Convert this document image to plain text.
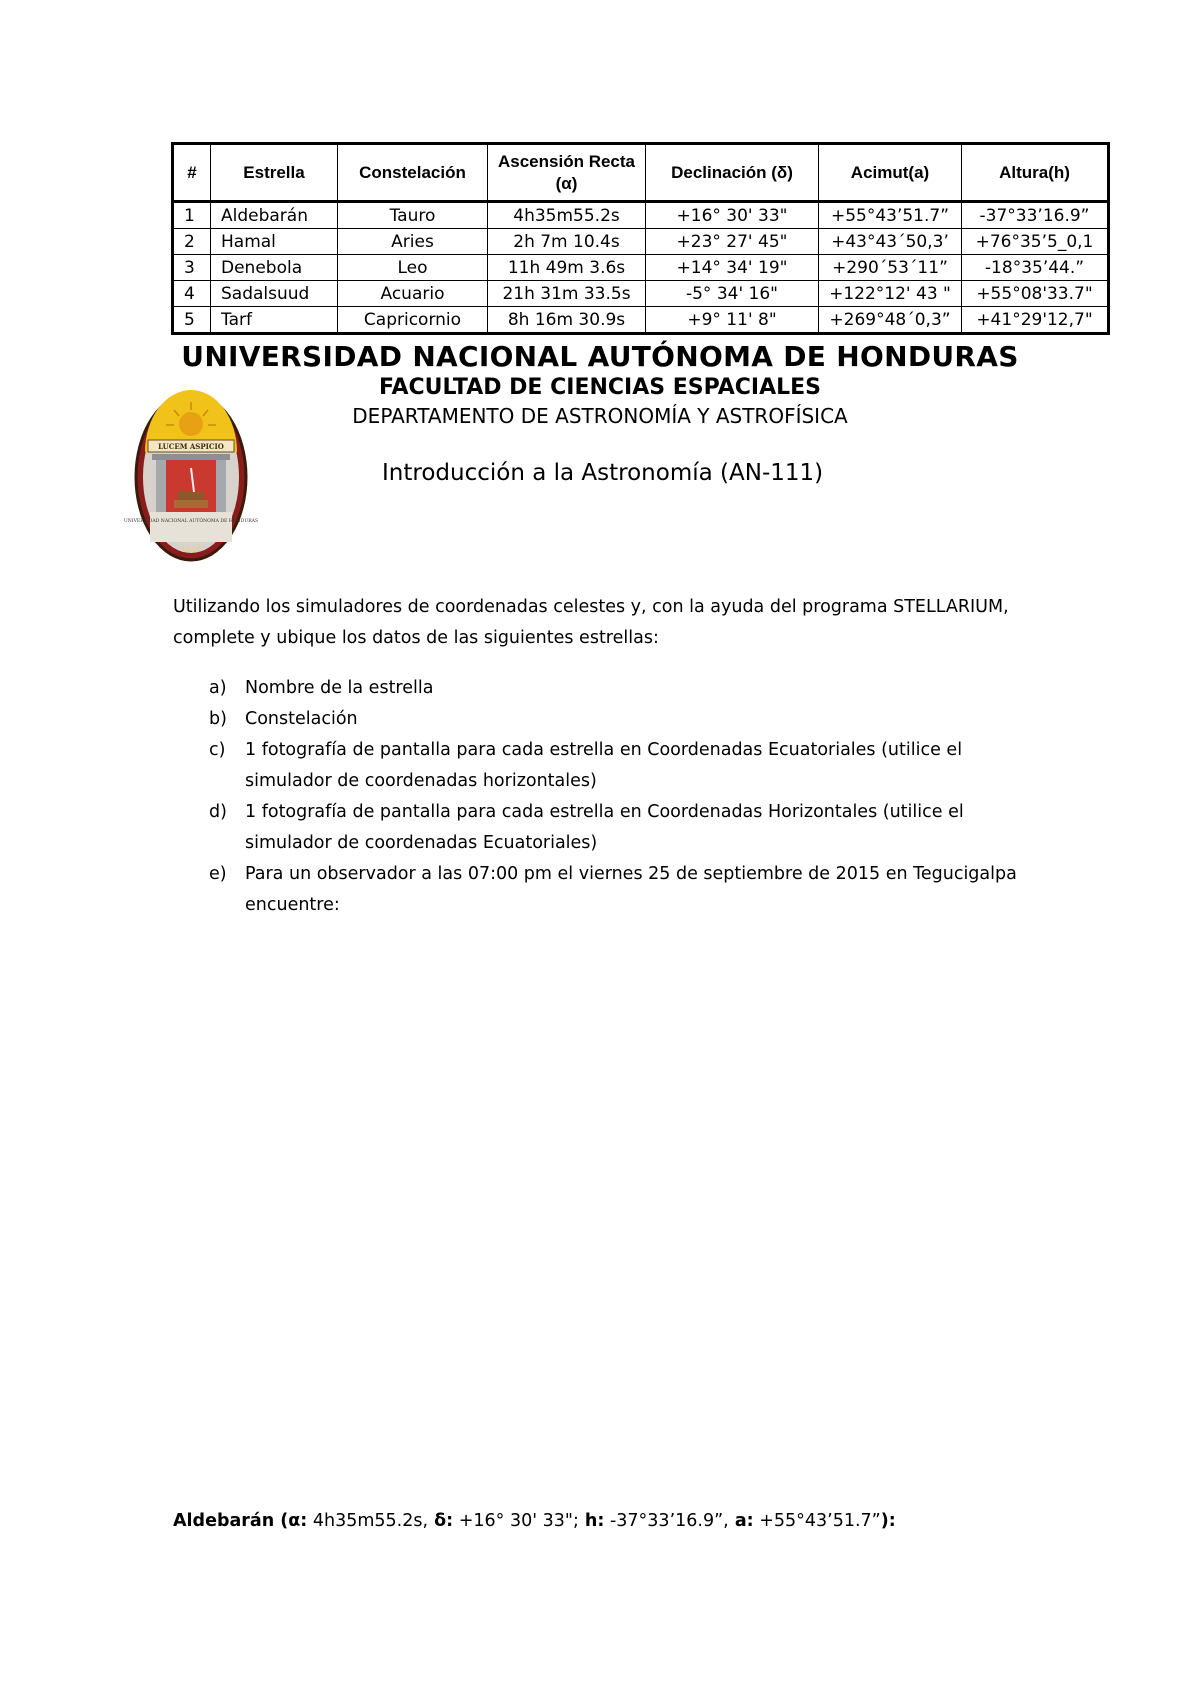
#	Estrella	Constelación	Ascensión Recta (α)	Declinación (δ)	Acimut(a)	Altura(h)
1	Aldebarán	Tauro	4h35m55.2s	+16° 30' 33"	+55°43’51.7”	-37°33’16.9”
2	Hamal	Aries	2h 7m 10.4s	+23° 27' 45"	+43°43´50,3’	+76°35’5_0,1
3	Denebola	Leo	11h 49m 3.6s	+14° 34' 19"	+290´53´11”	-18°35’44.”
4	Sadalsuud	Acuario	21h 31m 33.5s	-5° 34' 16"	+122°12' 43 "	+55°08'33.7"
5	Tarf	Capricornio	8h 16m 30.9s	+9° 11' 8"	+269°48´0,3”	+41°29'12,7"
UNIVERSIDAD NACIONAL AUTÓNOMA DE HONDURAS
FACULTAD DE CIENCIAS ESPACIALES
DEPARTAMENTO DE ASTRONOMÍA Y ASTROFÍSICA
LUCEM ASPICIO
UNIVERSIDAD NACIONAL AUTÓNOMA DE HONDURAS
1847
Introducción a la Astronomía (AN-111)
Utilizando los simuladores de coordenadas celestes y, con la ayuda del programa STELLARIUM,
complete y ubique los datos de las siguientes estrellas:
a) Nombre de la estrella
b) Constelación
c) 1 fotografía de pantalla para cada estrella en Coordenadas Ecuatoriales (utilice el
simulador de coordenadas horizontales)
d) 1 fotografía de pantalla para cada estrella en Coordenadas Horizontales (utilice el
simulador de coordenadas Ecuatoriales)
e) Para un observador a las 07:00 pm el viernes 25 de septiembre de 2015 en Tegucigalpa
encuentre:
Aldebarán (α: 4h35m55.2s, δ: +16° 30' 33"; h: -37°33’16.9”, a: +55°43’51.7”):
